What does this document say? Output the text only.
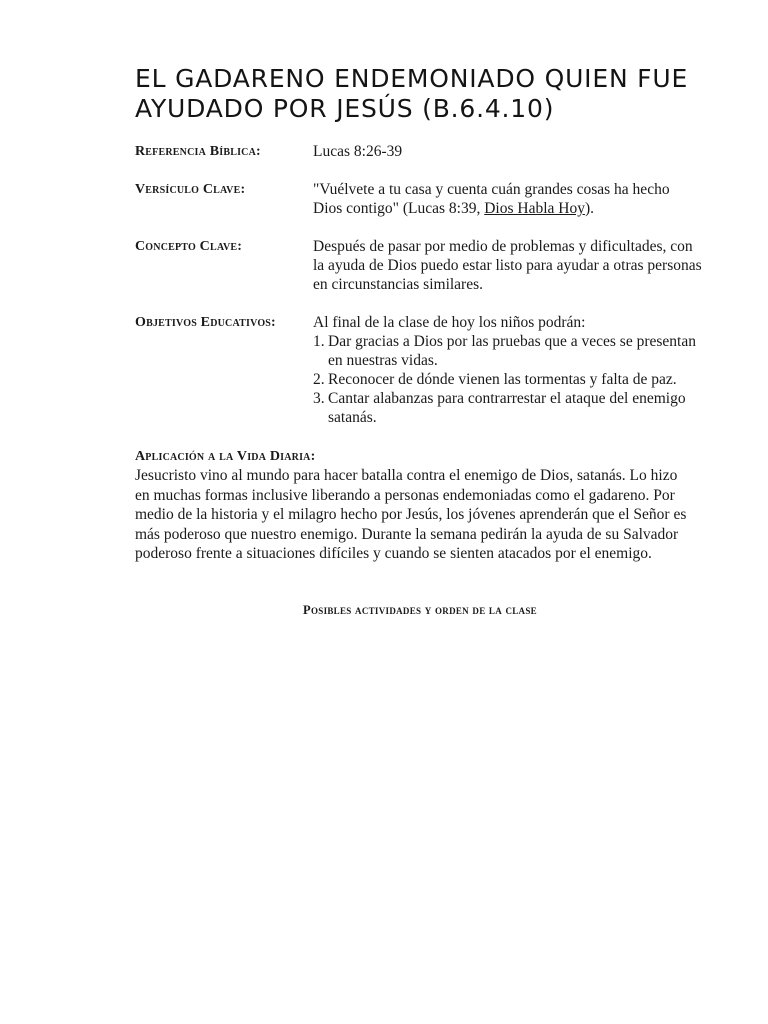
EL GADARENO ENDEMONIADO QUIEN FUE AYUDADO POR JESÚS (B.6.4.10)
Referencia Bíblica:	Lucas 8:26-39
Versículo Clave:	"Vuélvete a tu casa y cuenta cuán grandes cosas ha hecho Dios contigo" (Lucas 8:39, Dios Habla Hoy).
Concepto Clave:	Después de pasar por medio de problemas y dificultades, con la ayuda de Dios puedo estar listo para ayudar a otras personas en circunstancias similares.
Objetivos Educativos:	Al final de la clase de hoy los niños podrán:
1. Dar gracias a Dios por las pruebas que a veces se presentan en nuestras vidas.
2. Reconocer de dónde vienen las tormentas y falta de paz.
3. Cantar alabanzas para contrarrestar el ataque del enemigo satanás.
Aplicación a la Vida Diaria:
Jesucristo vino al mundo para hacer batalla contra el enemigo de Dios, satanás. Lo hizo en muchas formas inclusive liberando a personas endemoniadas como el gadareno. Por medio de la historia y el milagro hecho por Jesús, los jóvenes aprenderán que el Señor es más poderoso que nuestro enemigo. Durante la semana pedirán la ayuda de su Salvador poderoso frente a situaciones difíciles y cuando se sienten atacados por el enemigo.
Posibles actividades y orden de la clase
